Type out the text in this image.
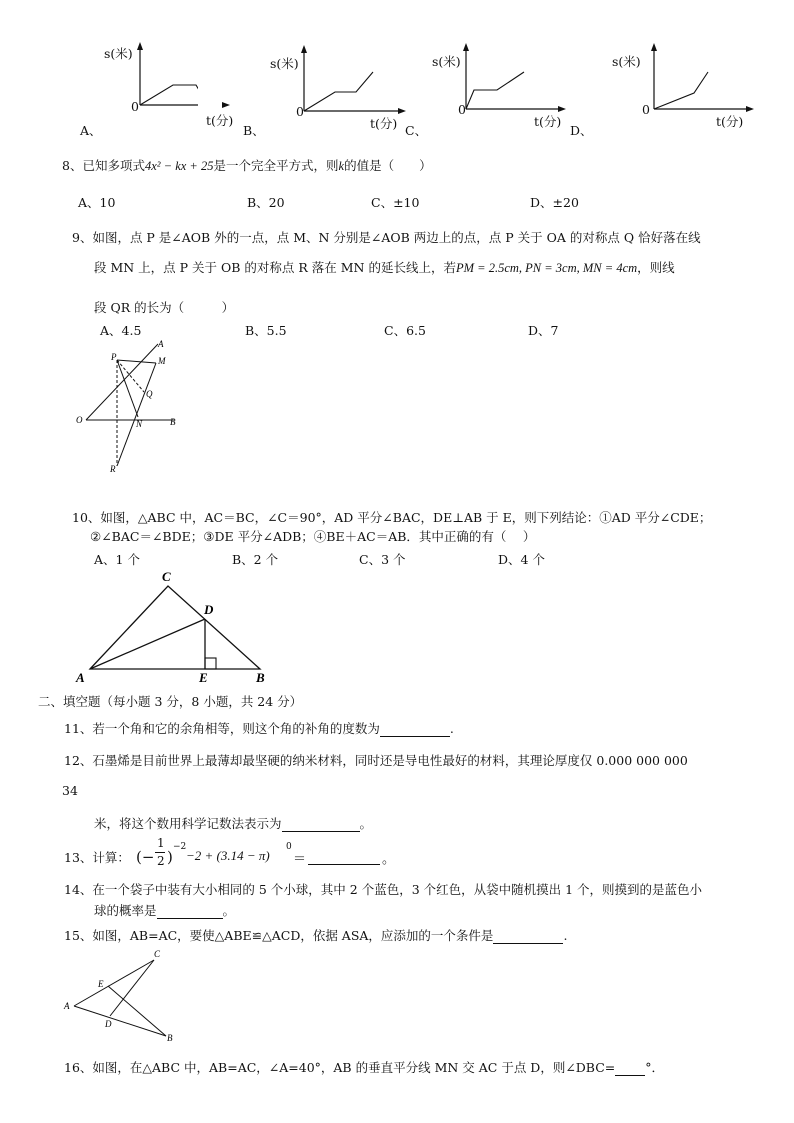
s(米)
0
t(分)
A、
s(米)
0
t(分)
B、
s(米)
0
t(分)
C、
s(米)
0
t(分)
D、
8、已知多项式4x² − kx + 25是一个完全平方式，则k的值是（　　）
A、10	B、20	C、±10	D、±20
9、如图，点 P 是∠AOB 外的一点，点 M、N 分别是∠AOB 两边上的点，点 P 关于 OA 的对称点 Q 恰好落在线
段 MN 上，点 P 关于 OB 的对称点 R 落在 MN 的延长线上，若PM = 2.5cm, PN = 3cm, MN = 4cm，则线
段 QR 的长为（　　　）
A、4.5	B、5.5	C、6.5	D、7
P
A
M
Q
O	N	B
R
10、如图，△ABC 中，AC＝BC，∠C＝90°，AD 平分∠BAC，DE⊥AB 于 E，则下列结论：①AD 平分∠CDE；
②∠BAC＝∠BDE；③DE 平分∠ADB；④BE＋AC＝AB．其中正确的有（　 ）
A、1 个	B、2 个	C、3 个	D、4 个
C
D
A	E	B
二、填空题（每小题 3 分，8 小题，共 24 分）
11、若一个角和它的余角相等，则这个角的补角的度数为	.
12、石墨烯是目前世界上最薄却最坚硬的纳米材料，同时还是导电性最好的材料，其理论厚度仅 0.000 000 000
34
米，将这个数用科学记数法表示为	。
13、计算： (−
1
2 )
−2
−2 + (3.14 − π)
0
＝	。
14、在一个袋子中装有大小相同的 5 个小球，其中 2 个蓝色，3 个红色，从袋中随机摸出 1 个，则摸到的是蓝色小
球的概率是	。
15、如图，AB=AC，要使△ABE≌△ACD，依据 ASA，应添加的一个条件是	.
C
E
A
D
B
16、如图，在△ABC 中，AB=AC，∠A=40°，AB 的垂直平分线 MN 交 AC 于点 D，则∠DBC= °．
